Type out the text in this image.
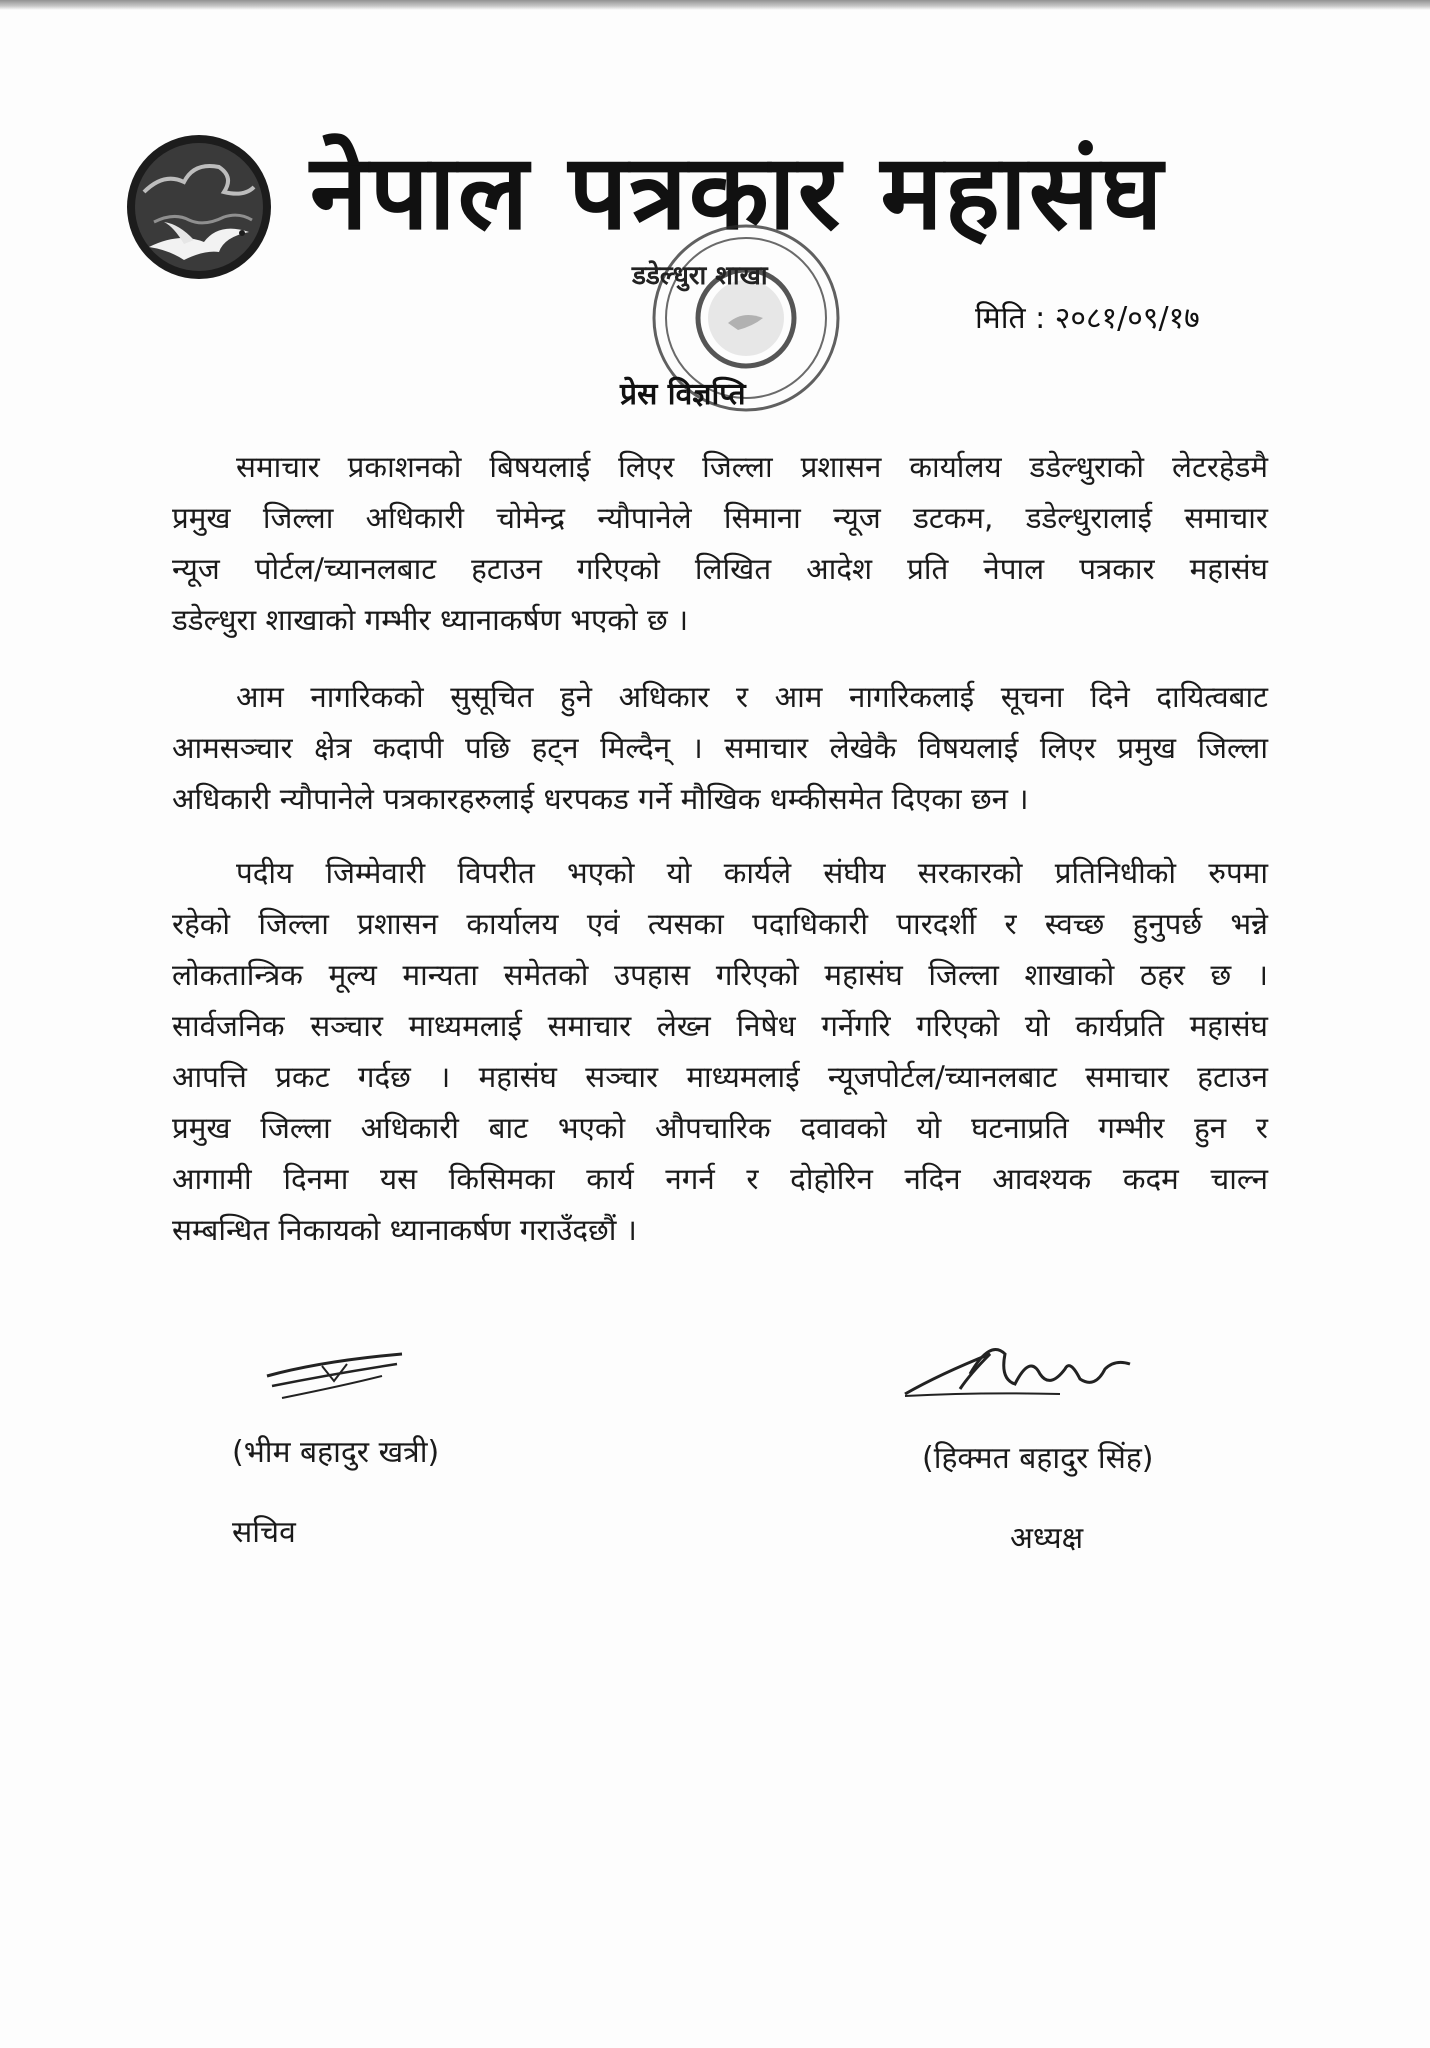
नेपाल पत्रकार महासंघ
डडेल्धुरा शाखा
प्रेस विज्ञप्ति
मिति : २०८१/०९/१७
समाचार प्रकाशनको बिषयलाई लिएर जिल्ला प्रशासन कार्यालय डडेल्धुराको लेटरहेडमै
प्रमुख जिल्ला अधिकारी चोमेन्द्र न्यौपानेले सिमाना न्यूज डटकम, डडेल्धुरालाई समाचार
न्यूज पोर्टल/च्यानलबाट हटाउन गरिएको लिखित आदेश प्रति नेपाल पत्रकार महासंघ
डडेल्धुरा शाखाको गम्भीर ध्यानाकर्षण भएको छ ।
आम नागरिकको सुसूचित हुने अधिकार र आम नागरिकलाई सूचना दिने दायित्वबाट
आमसञ्चार क्षेत्र कदापी पछि हट्न मिल्दैन् । समाचार लेखेकै विषयलाई लिएर प्रमुख जिल्ला
अधिकारी न्यौपानेले पत्रकारहरुलाई धरपकड गर्ने मौखिक धम्कीसमेत दिएका छन ।
पदीय जिम्मेवारी विपरीत भएको यो कार्यले संघीय सरकारको प्रतिनिधीको रुपमा
रहेको जिल्ला प्रशासन कार्यालय एवं त्यसका पदाधिकारी पारदर्शी र स्वच्छ हुनुपर्छ भन्ने
लोकतान्त्रिक मूल्य मान्यता समेतको उपहास गरिएको महासंघ जिल्ला शाखाको ठहर छ ।
सार्वजनिक सञ्चार माध्यमलाई समाचार लेख्न निषेध गर्नेगरि गरिएको यो कार्यप्रति महासंघ
आपत्ति प्रकट गर्दछ । महासंघ सञ्चार माध्यमलाई न्यूजपोर्टल/च्यानलबाट समाचार हटाउन
प्रमुख जिल्ला अधिकारी बाट भएको औपचारिक दवावको यो घटनाप्रति गम्भीर हुन र
आगामी दिनमा यस किसिमका कार्य नगर्न र दोहोरिन नदिन आवश्यक कदम चाल्न
सम्बन्धित निकायको ध्यानाकर्षण गराउँदछौं ।
(भीम बहादुर खत्री)
सचिव
(हिक्मत बहादुर सिंह)
अध्यक्ष
